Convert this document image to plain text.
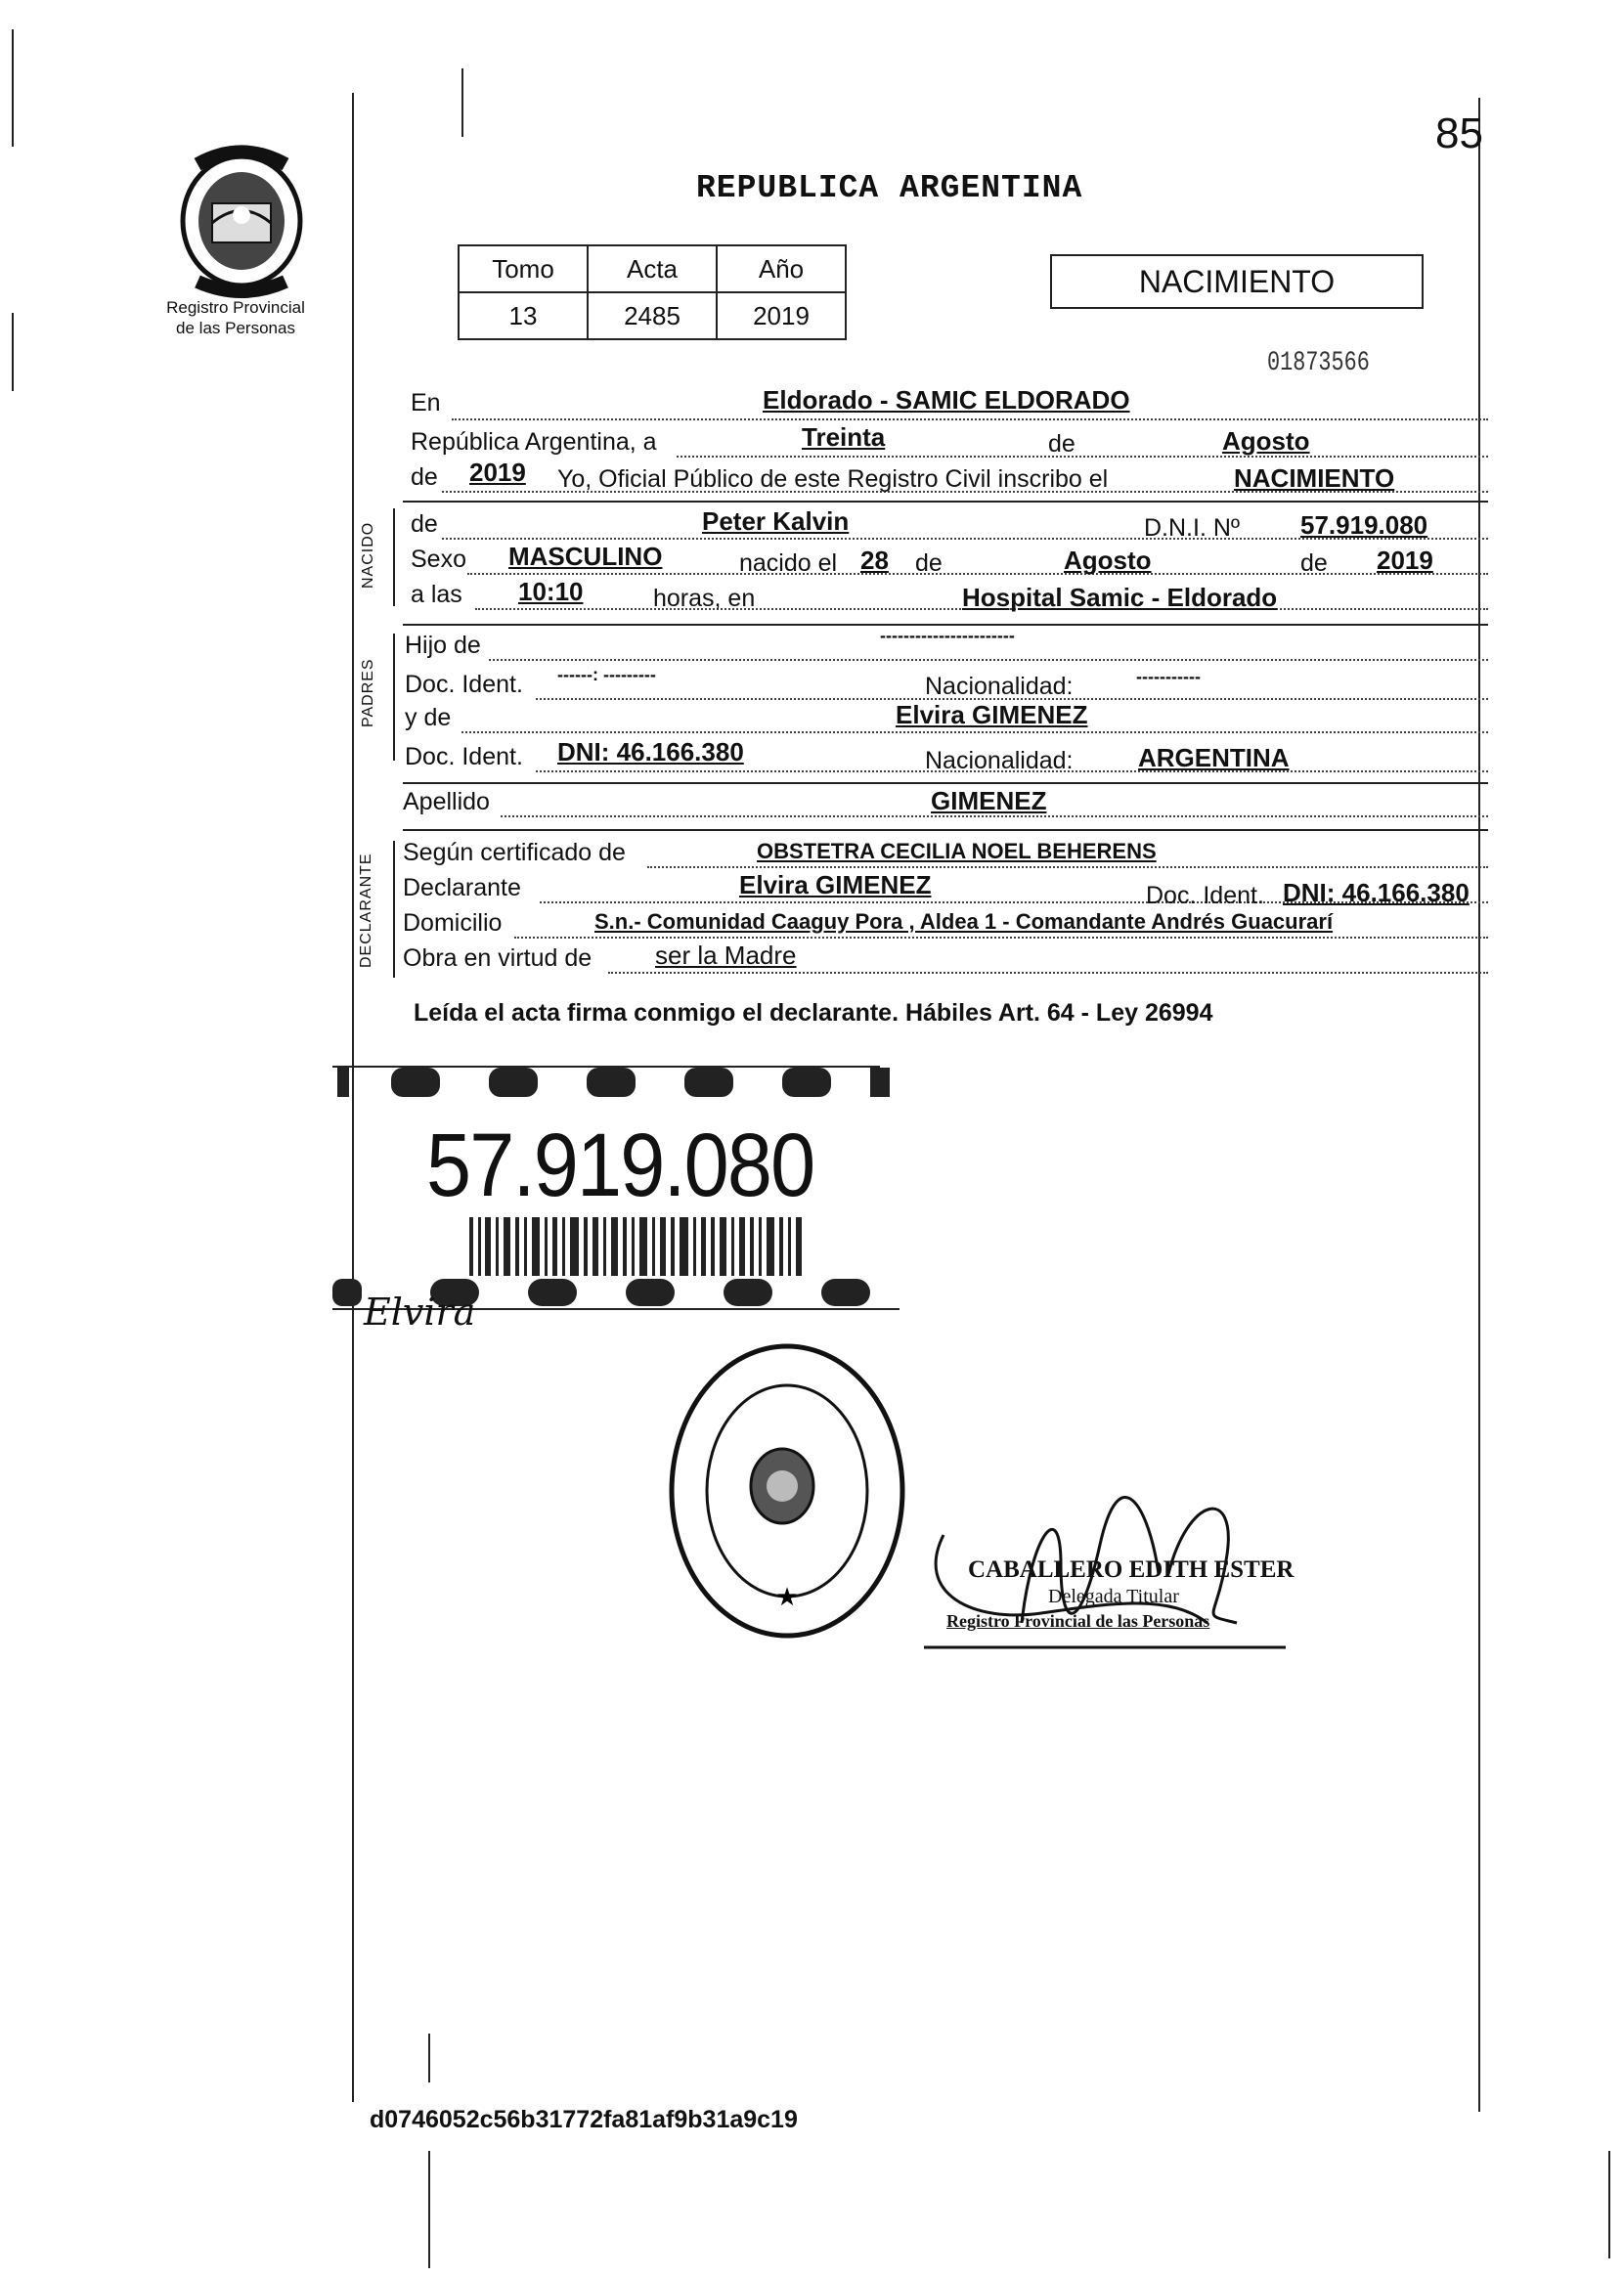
85
REPUBLICA ARGENTINA
Registro Provincial
de las Personas
Tomo	Acta	Año
13	2485	2019
NACIMIENTO
01873566
En	Eldorado - SAMIC ELDORADO
República Argentina, a	Treinta	de	Agosto
de 2019 Yo, Oficial Público de este Registro Civil inscribo el	NACIMIENTO
NACIDO de	Peter Kalvin	D.N.I. Nº 57.919.080
Sexo MASCULINO	nacido el 28 de	Agosto	de 2019
a las 10:10	horas, en	Hospital Samic - Eldorado
PADRES
Hijo de	-----------------------
Doc. Ident. ------: ---------	Nacionalidad:	-----------
y de	Elvira GIMENEZ
Doc. Ident. DNI: 46.166.380	Nacionalidad:	ARGENTINA
Apellido	GIMENEZ
DECLARANTE
Según certificado de	OBSTETRA CECILIA NOEL BEHERENS
Declarante	Elvira GIMENEZ	Doc. Ident. DNI: 46.166.380
Domicilio	S.n.- Comunidad Caaguy Pora , Aldea 1 - Comandante Andrés Guacurarí
Obra en virtud de ser la Madre
Leída el acta firma conmigo el declarante. Hábiles Art. 64 - Ley 26994
57.919.080
Elvira
★
CABALLERO EDITH ESTER
Delegada Titular
Registro Provincial de las Personas
d0746052c56b31772fa81af9b31a9c19
